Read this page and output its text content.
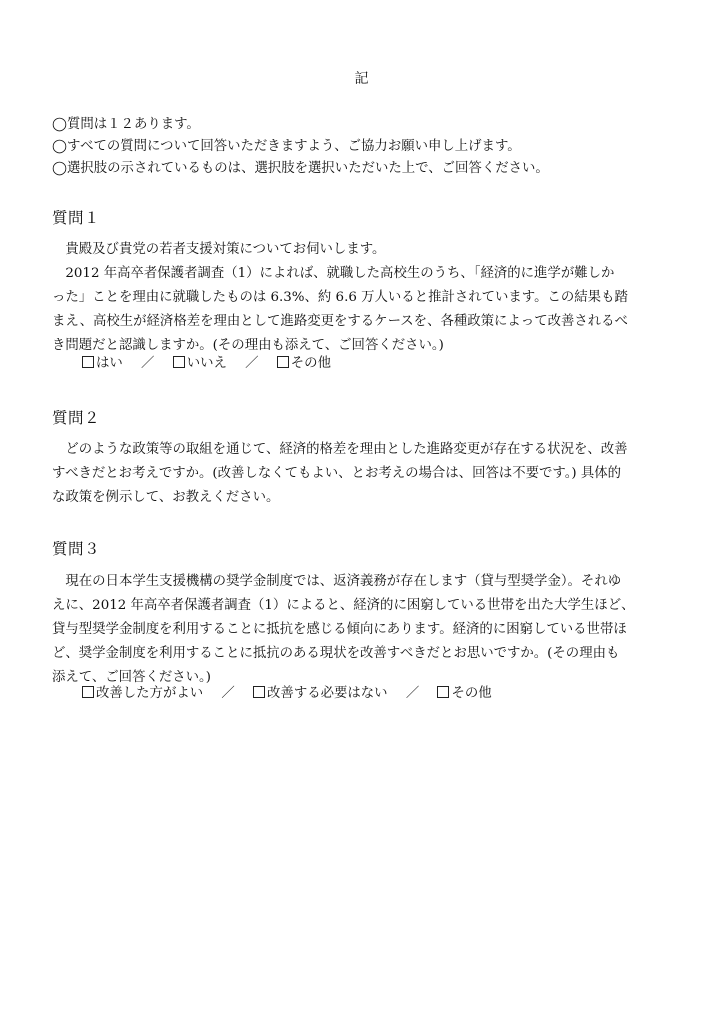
記
◯質問は１２あります。
◯すべての質問について回答いただきますよう、ご協力お願い申し上げます。
◯選択肢の示されているものは、選択肢を選択いただいた上で、ご回答ください。
質問１
　貴殿及び貴党の若者支援対策についてお伺いします。
　2012 年高卒者保護者調査（1）によれば、就職した高校生のうち、「経済的に進学が難しか
った」ことを理由に就職したものは 6.3%、約 6.6 万人いると推計されています。この結果も踏
まえ、高校生が経済格差を理由として進路変更をするケースを、各種政策によって改善されるべ
き問題だと認識しますか。(その理由も添えて、ご回答ください。)
はい ／ いいえ ／ その他
質問２
　どのような政策等の取組を通じて、経済的格差を理由とした進路変更が存在する状況を、改善
すべきだとお考えですか。(改善しなくてもよい、とお考えの場合は、回答は不要です。) 具体的
な政策を例示して、お教えください。
質問３
　現在の日本学生支援機構の奨学金制度では、返済義務が存在します（貸与型奨学金）。それゆ
えに、2012 年高卒者保護者調査（1）によると、経済的に困窮している世帯を出た大学生ほど、
貸与型奨学金制度を利用することに抵抗を感じる傾向にあります。経済的に困窮している世帯ほ
ど、奨学金制度を利用することに抵抗のある現状を改善すべきだとお思いですか。(その理由も
添えて、ご回答ください。)
改善した方がよい ／ 改善する必要はない ／ その他
